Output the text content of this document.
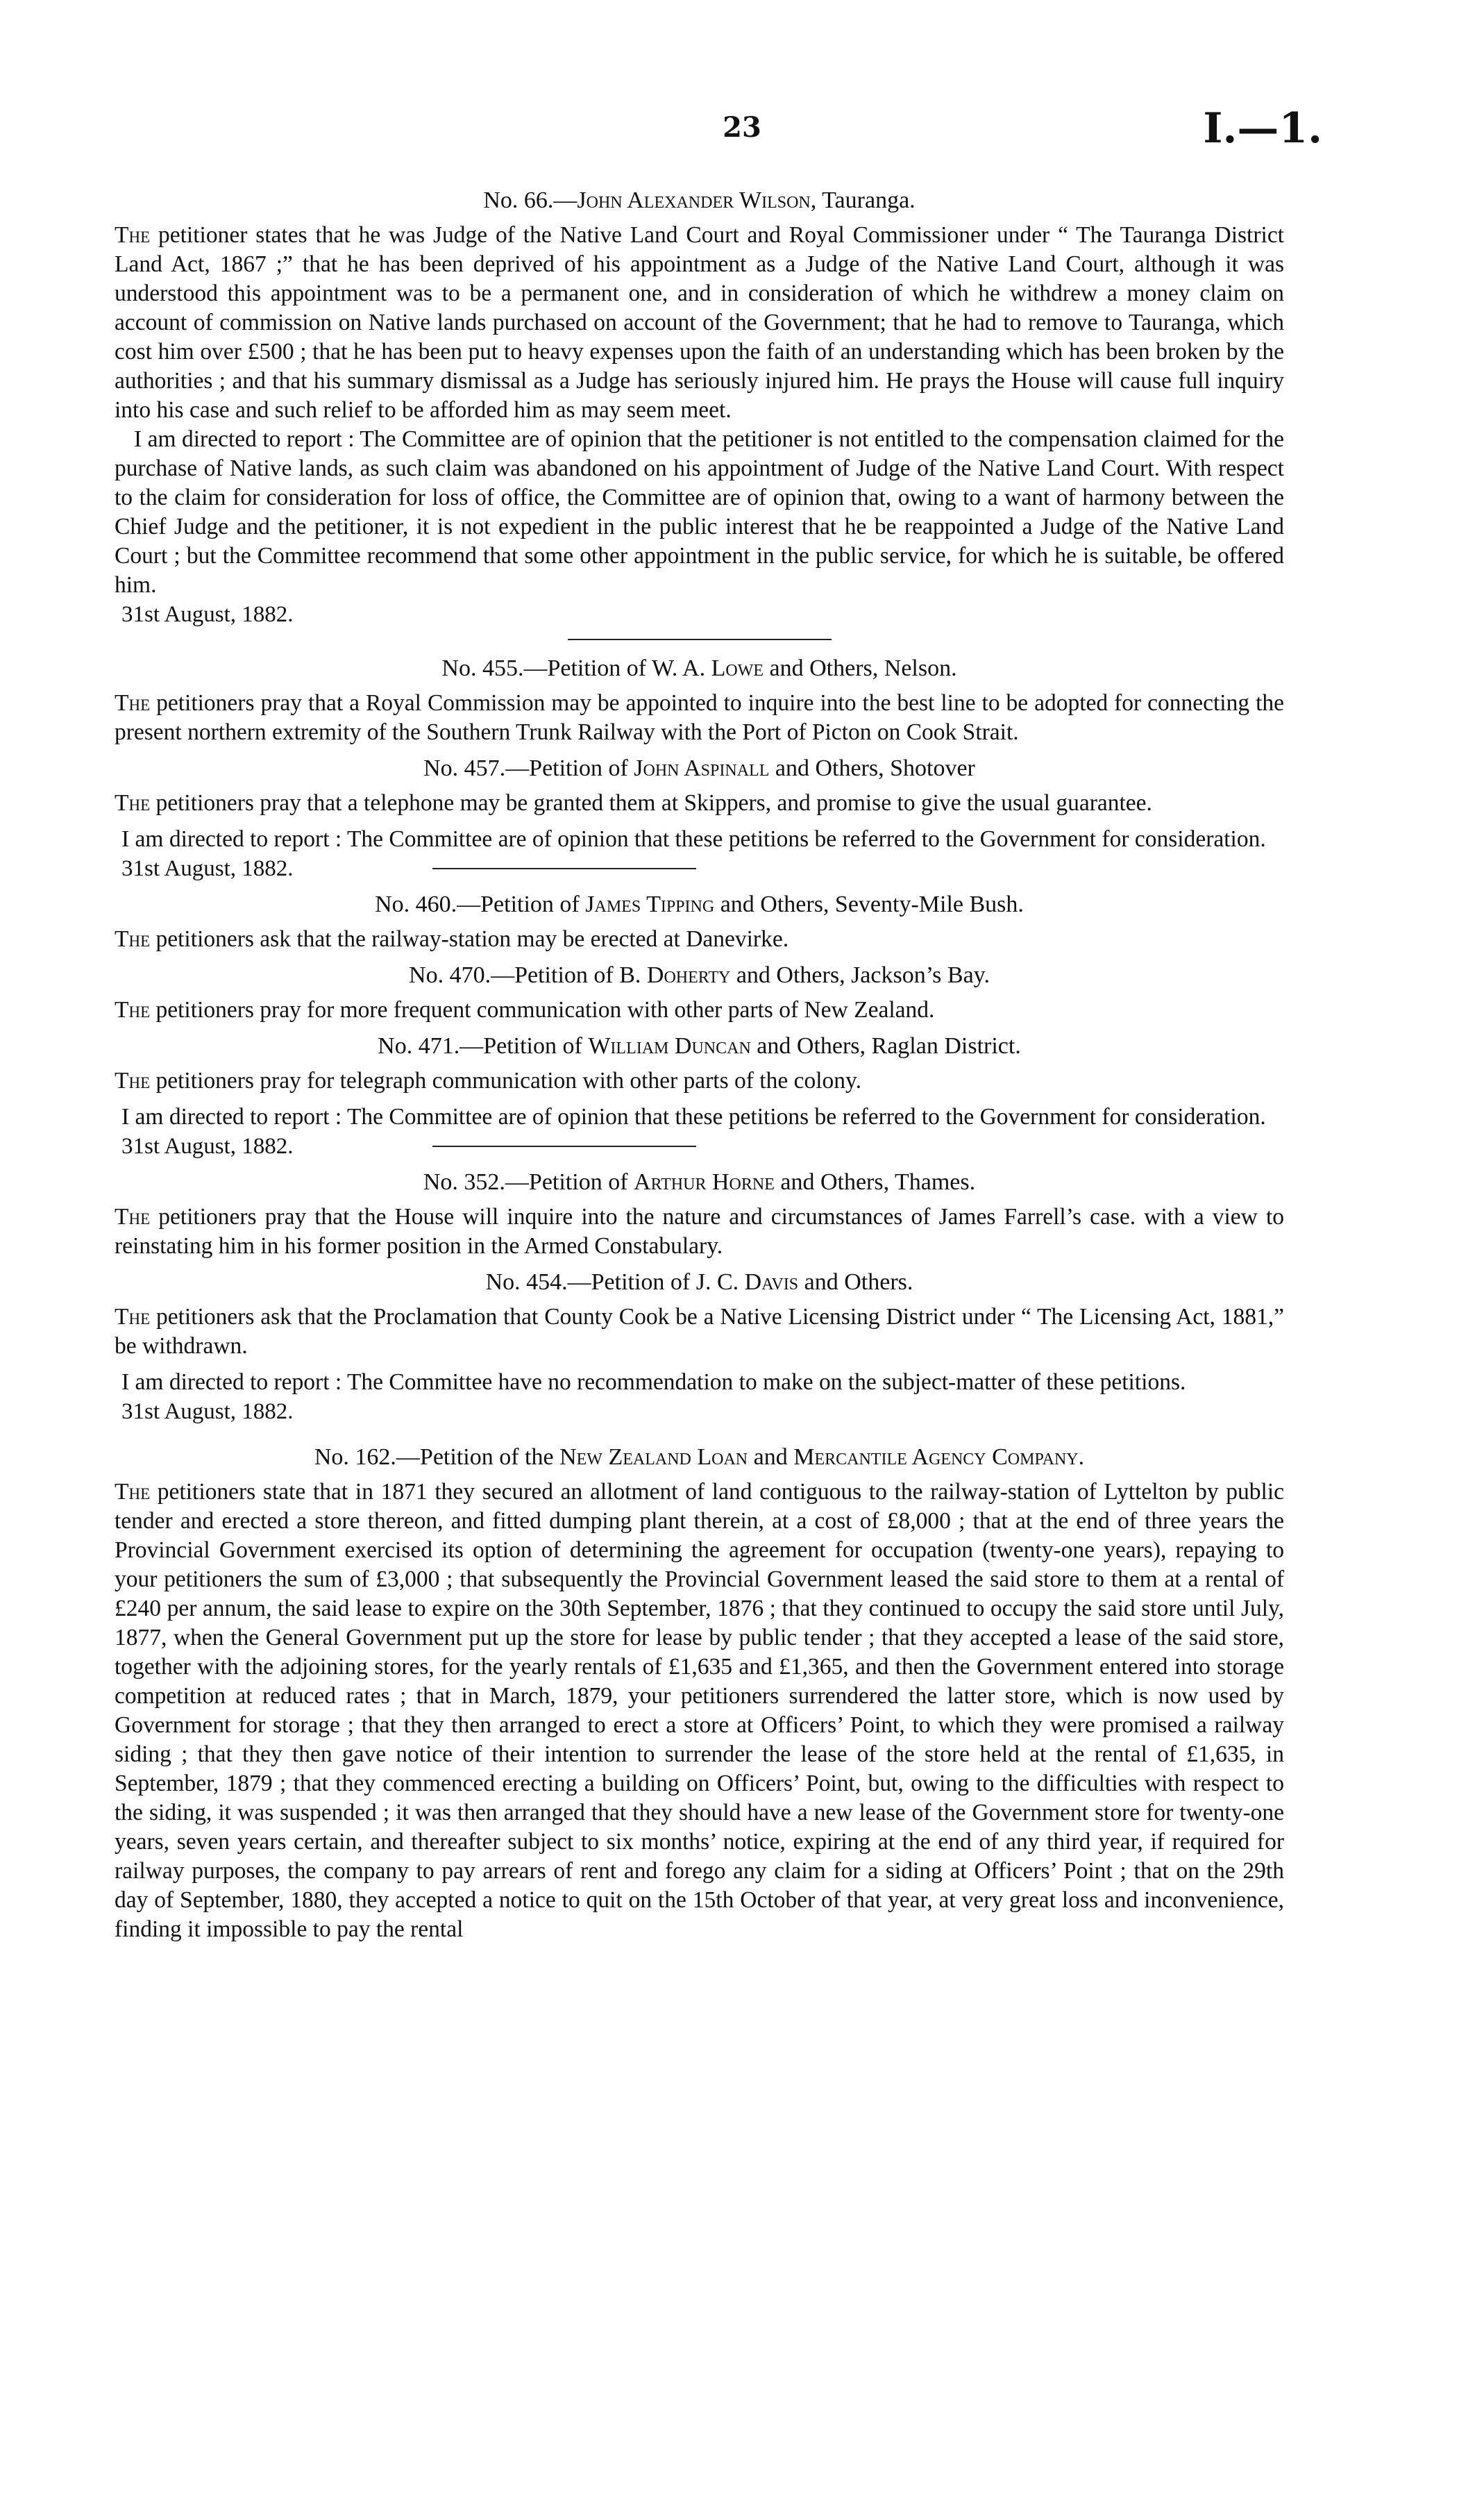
23	I.—1.
No. 66.—John Alexander Wilson, Tauranga.

The petitioner states that he was Judge of the Native Land Court and Royal Commissioner under “ The Tauranga District Land Act, 1867 ;” that he has been deprived of his appointment as a Judge of the Native Land Court, although it was understood this appointment was to be a permanent one, and in consideration of which he withdrew a money claim on account of commission on Native lands purchased on account of the Government; that he had to remove to Tauranga, which cost him over £500 ; that he has been put to heavy expenses upon the faith of an understanding which has been broken by the authorities ; and that his summary dismissal as a Judge has seriously injured him. He prays the House will cause full inquiry into his case and such relief to be afforded him as may seem meet.

I am directed to report : The Committee are of opinion that the petitioner is not entitled to the compensation claimed for the purchase of Native lands, as such claim was abandoned on his appointment of Judge of the Native Land Court. With respect to the claim for consideration for loss of office, the Committee are of opinion that, owing to a want of harmony between the Chief Judge and the petitioner, it is not expedient in the public interest that he be reappointed a Judge of the Native Land Court ; but the Committee recommend that some other appointment in the public service, for which he is suitable, be offered him.

31st August, 1882.

No. 455.—Petition of W. A. Lowe and Others, Nelson.

The petitioners pray that a Royal Commission may be appointed to inquire into the best line to be adopted for connecting the present northern extremity of the Southern Trunk Railway with the Port of Picton on Cook Strait.

No. 457.—Petition of John Aspinall and Others, Shotover

The petitioners pray that a telephone may be granted them at Skippers, and promise to give the usual guarantee.

I am directed to report : The Committee are of opinion that these petitions be referred to the Government for consideration.

31st August, 1882.

No. 460.—Petition of James Tipping and Others, Seventy-Mile Bush.

The petitioners ask that the railway-station may be erected at Danevirke.

No. 470.—Petition of B. Doherty and Others, Jackson’s Bay.

The petitioners pray for more frequent communication with other parts of New Zealand.

No. 471.—Petition of William Duncan and Others, Raglan District.

The petitioners pray for telegraph communication with other parts of the colony.

I am directed to report : The Committee are of opinion that these petitions be referred to the Government for consideration.

31st August, 1882.

No. 352.—Petition of Arthur Horne and Others, Thames.

The petitioners pray that the House will inquire into the nature and circumstances of James Farrell’s case. with a view to reinstating him in his former position in the Armed Constabulary.

No. 454.—Petition of J. C. Davis and Others.

The petitioners ask that the Proclamation that County Cook be a Native Licensing District under “ The Licensing Act, 1881,” be withdrawn.

I am directed to report : The Committee have no recommendation to make on the subject-matter of these petitions.

31st August, 1882.

No. 162.—Petition of the New Zealand Loan and Mercantile Agency Company.

The petitioners state that in 1871 they secured an allotment of land contiguous to the railway-station of Lyttelton by public tender and erected a store thereon, and fitted dumping plant therein, at a cost of £8,000 ; that at the end of three years the Provincial Government exercised its option of determining the agreement for occupation (twenty-one years), repaying to your petitioners the sum of £3,000 ; that subsequently the Provincial Government leased the said store to them at a rental of £240 per annum, the said lease to expire on the 30th September, 1876 ; that they continued to occupy the said store until July, 1877, when the General Government put up the store for lease by public tender ; that they accepted a lease of the said store, together with the adjoining stores, for the yearly rentals of £1,635 and £1,365, and then the Government entered into storage competition at reduced rates ; that in March, 1879, your petitioners surrendered the latter store, which is now used by Government for storage ; that they then arranged to erect a store at Officers’ Point, to which they were promised a railway siding ; that they then gave notice of their intention to surrender the lease of the store held at the rental of £1,635, in September, 1879 ; that they commenced erecting a building on Officers’ Point, but, owing to the difficulties with respect to the siding, it was suspended ; it was then arranged that they should have a new lease of the Government store for twenty-one years, seven years certain, and thereafter subject to six months’ notice, expiring at the end of any third year, if required for railway purposes, the company to pay arrears of rent and forego any claim for a siding at Officers’ Point ; that on the 29th day of September, 1880, they accepted a notice to quit on the 15th October of that year, at very great loss and inconvenience, finding it impossible to pay the rental
